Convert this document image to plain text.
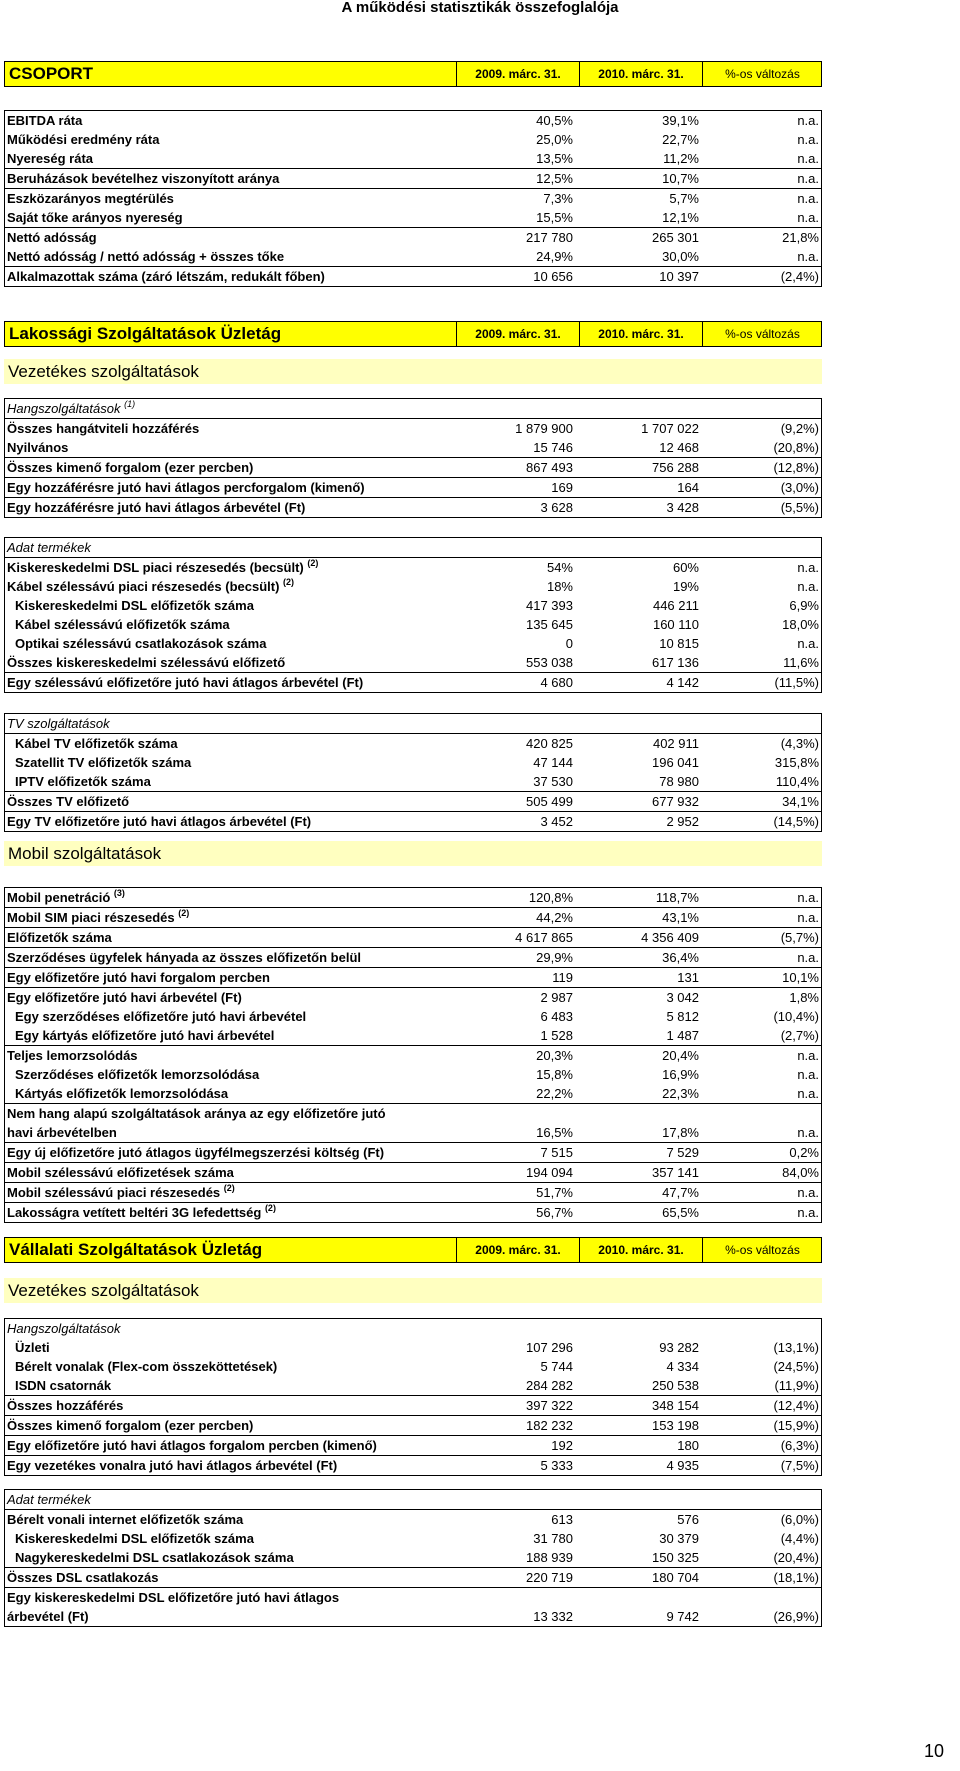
A működési statisztikák összefoglalója
CSOPORT	2009. márc. 31.	2010. márc. 31.	%-os változás
EBITDA ráta	40,5%	39,1%	n.a.
Működési eredmény ráta	25,0%	22,7%	n.a.
Nyereség ráta	13,5%	11,2%	n.a.
Beruházások bevételhez viszonyított aránya	12,5%	10,7%	n.a.
Eszközarányos megtérülés	7,3%	5,7%	n.a.
Saját tőke arányos nyereség	15,5%	12,1%	n.a.
Nettó adósság	217 780	265 301	21,8%
Nettó adósság / nettó adósság + összes tőke	24,9%	30,0%	n.a.
Alkalmazottak száma (záró létszám, redukált főben)	10 656	10 397	(2,4%)
Lakossági Szolgáltatások Üzletág	2009. márc. 31.	2010. márc. 31.	%-os változás
Vezetékes szolgáltatások
Hangszolgáltatások $^{(1)}$
Összes hangátviteli hozzáférés	1 879 900	1 707 022	(9,2%)
Nyilvános	15 746	12 468	(20,8%)
Összes kimenő forgalom (ezer percben)	867 493	756 288	(12,8%)
Egy hozzáférésre jutó havi átlagos percforgalom (kimenő)	169	164	(3,0%)
Egy hozzáférésre jutó havi átlagos árbevétel (Ft)	3 628	3 428	(5,5%)
Adat termékek
Kiskereskedelmi DSL piaci részesedés (becsült) $^{(2)}$	54%	60%	n.a.
Kábel szélessávú piaci részesedés (becsült) $^{(2)}$	18%	19%	n.a.
Kiskereskedelmi DSL előfizetők száma	417 393	446 211	6,9%
Kábel szélessávú előfizetők száma	135 645	160 110	18,0%
Optikai szélessávú csatlakozások száma	0	10 815	n.a.
Összes kiskereskedelmi szélessávú előfizető	553 038	617 136	11,6%
Egy szélessávú előfizetőre jutó havi átlagos árbevétel (Ft)	4 680	4 142	(11,5%)
TV szolgáltatások
Kábel TV előfizetők száma	420 825	402 911	(4,3%)
Szatellit TV előfizetők száma	47 144	196 041	315,8%
IPTV előfizetők száma	37 530	78 980	110,4%
Összes TV előfizető	505 499	677 932	34,1%
Egy TV előfizetőre jutó havi átlagos árbevétel (Ft)	3 452	2 952	(14,5%)
Mobil szolgáltatások
Mobil penetráció $^{(3)}$	120,8%	118,7%	n.a.
Mobil SIM piaci részesedés $^{(2)}$	44,2%	43,1%	n.a.
Előfizetők száma	4 617 865	4 356 409	(5,7%)
Szerződéses ügyfelek hányada az összes előfizetőn belül	29,9%	36,4%	n.a.
Egy előfizetőre jutó havi forgalom percben	119	131	10,1%
Egy előfizetőre jutó havi árbevétel (Ft)	2 987	3 042	1,8%
Egy szerződéses előfizetőre jutó havi árbevétel	6 483	5 812	(10,4%)
Egy kártyás előfizetőre jutó havi árbevétel	1 528	1 487	(2,7%)
Teljes lemorzsolódás	20,3%	20,4%	n.a.
Szerződéses előfizetők lemorzsolódása	15,8%	16,9%	n.a.
Kártyás előfizetők lemorzsolódása	22,2%	22,3%	n.a.
Nem hang alapú szolgáltatások aránya az egy előfizetőre jutó
havi árbevételben	16,5%	17,8%	n.a.
Egy új előfizetőre jutó átlagos ügyfélmegszerzési költség (Ft)	7 515	7 529	0,2%
Mobil szélessávú előfizetések száma	194 094	357 141	84,0%
Mobil szélessávú piaci részesedés $^{(2)}$	51,7%	47,7%	n.a.
Lakosságra vetített beltéri 3G lefedettség $^{(2)}$	56,7%	65,5%	n.a.
Vállalati Szolgáltatások Üzletág	2009. márc. 31.	2010. márc. 31.	%-os változás
Vezetékes szolgáltatások
Hangszolgáltatások
Üzleti	107 296	93 282	(13,1%)
Bérelt vonalak (Flex-com összeköttetések)	5 744	4 334	(24,5%)
ISDN csatornák	284 282	250 538	(11,9%)
Összes hozzáférés	397 322	348 154	(12,4%)
Összes kimenő forgalom (ezer percben)	182 232	153 198	(15,9%)
Egy előfizetőre jutó havi átlagos forgalom percben (kimenő)	192	180	(6,3%)
Egy vezetékes vonalra jutó havi átlagos árbevétel (Ft)	5 333	4 935	(7,5%)
Adat termékek
Bérelt vonali internet előfizetők száma	613	576	(6,0%)
Kiskereskedelmi DSL előfizetők száma	31 780	30 379	(4,4%)
Nagykereskedelmi DSL csatlakozások száma	188 939	150 325	(20,4%)
Összes DSL csatlakozás	220 719	180 704	(18,1%)
Egy kiskereskedelmi DSL előfizetőre jutó havi átlagos
árbevétel (Ft)	13 332	9 742	(26,9%)
10
